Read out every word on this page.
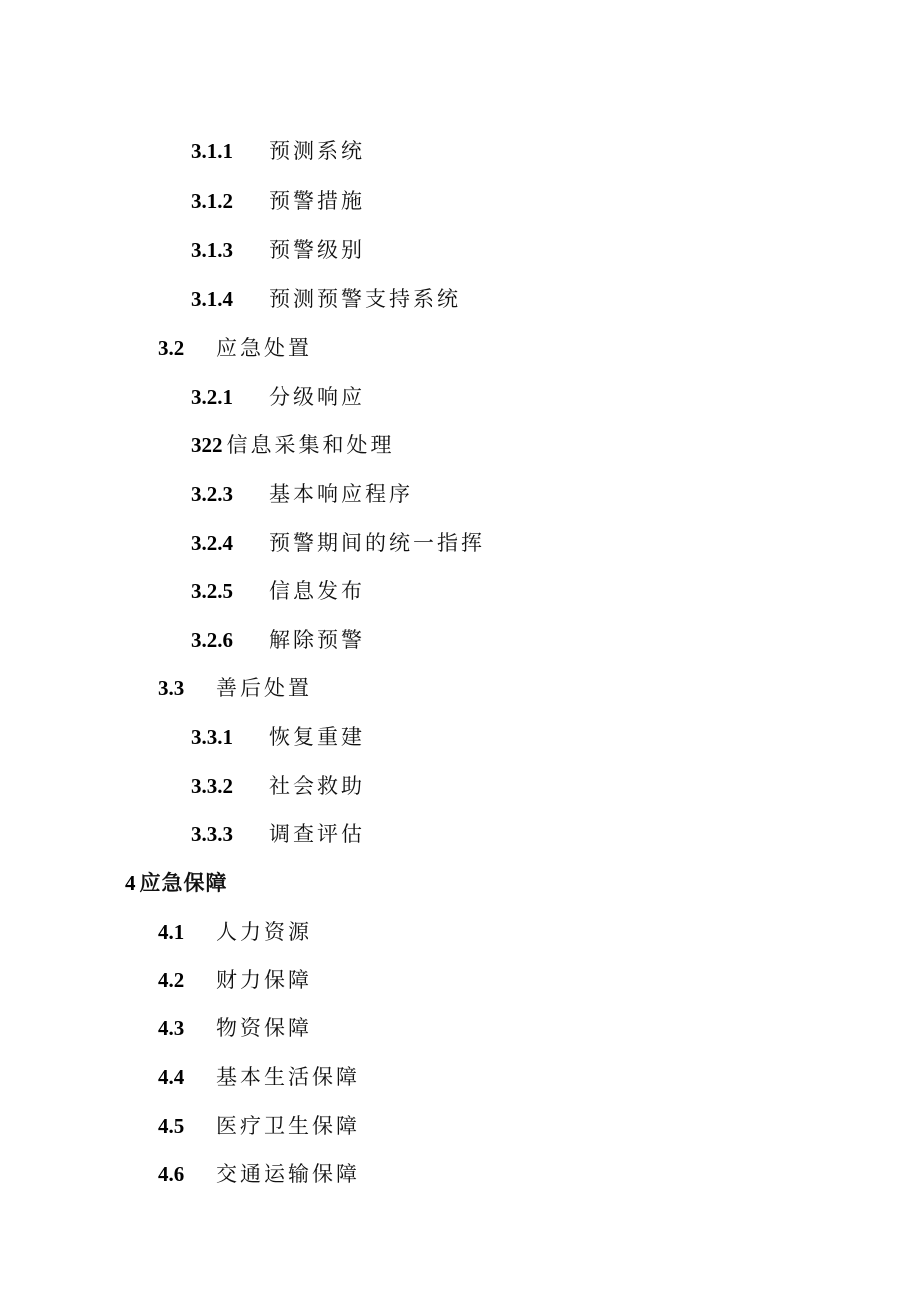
3.1.1 预测系统
3.1.2 预警措施
3.1.3 预警级别
3.1.4 预测预警支持系统
3.2 应急处置
3.2.1 分级响应
322 信息采集和处理
3.2.3 基本响应程序
3.2.4 预警期间的统一指挥
3.2.5 信息发布
3.2.6 解除预警
3.3 善后处置
3.3.1 恢复重建
3.3.2 社会救助
3.3.3 调查评估
4 应急保障
4.1 人力资源
4.2 财力保障
4.3 物资保障
4.4 基本生活保障
4.5 医疗卫生保障
4.6 交通运输保障
